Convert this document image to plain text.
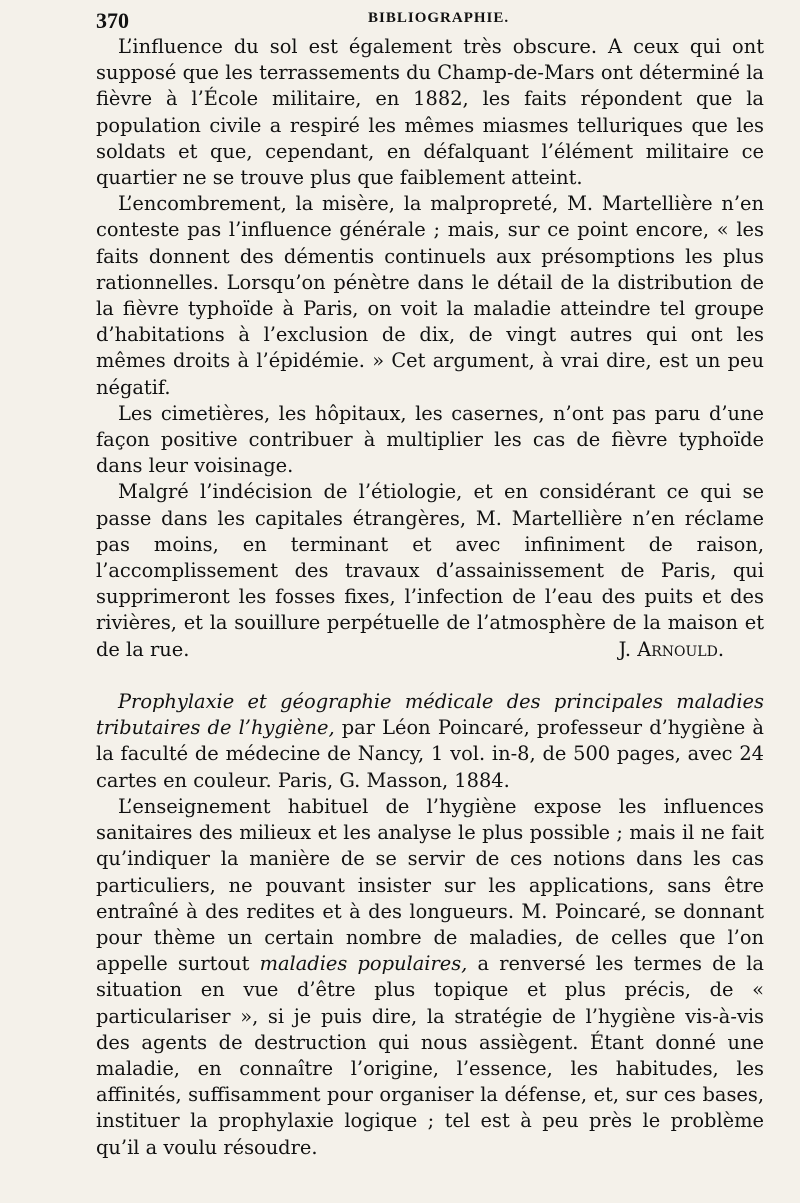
370	BIBLIOGRAPHIE.

L’influence du sol est également très obscure. A ceux qui ont supposé que les terrassements du Champ-de-Mars ont déterminé la fièvre à l’École militaire, en 1882, les faits répondent que la population civile a respiré les mêmes miasmes telluriques que les soldats et que, cependant, en défalquant l’élément militaire ce quartier ne se trouve plus que faiblement atteint.

L’encombrement, la misère, la malpropreté, M. Martellière n’en conteste pas l’influence générale ; mais, sur ce point encore, « les faits donnent des démentis continuels aux présomptions les plus rationnelles. Lorsqu’on pénètre dans le détail de la distribution de la fièvre typhoïde à Paris, on voit la maladie atteindre tel groupe d’habitations à l’exclusion de dix, de vingt autres qui ont les mêmes droits à l’épidémie. » Cet argument, à vrai dire, est un peu négatif.

Les cimetières, les hôpitaux, les casernes, n’ont pas paru d’une façon positive contribuer à multiplier les cas de fièvre typhoïde dans leur voisinage.

Malgré l’indécision de l’étiologie, et en considérant ce qui se passe dans les capitales étrangères, M. Martellière n’en réclame pas moins, en terminant et avec infiniment de raison, l’accomplissement des travaux d’assainissement de Paris, qui supprimeront les fosses fixes, l’infection de l’eau des puits et des rivières, et la souillure perpétuelle de l’atmosphère de la maison et de la rue.	J. Arnould.

Prophylaxie et géographie médicale des principales maladies tributaires de l’hygiène, par Léon Poincaré, professeur d’hygiène à la faculté de médecine de Nancy, 1 vol. in-8, de 500 pages, avec 24 cartes en couleur. Paris, G. Masson, 1884.

L’enseignement habituel de l’hygiène expose les influences sanitaires des milieux et les analyse le plus possible ; mais il ne fait qu’indiquer la manière de se servir de ces notions dans les cas particuliers, ne pouvant insister sur les applications, sans être entraîné à des redites et à des longueurs. M. Poincaré, se donnant pour thème un certain nombre de maladies, de celles que l’on appelle surtout maladies populaires, a renversé les termes de la situation en vue d’être plus topique et plus précis, de « particulariser », si je puis dire, la stratégie de l’hygiène vis-à-vis des agents de destruction qui nous assiègent. Étant donné une maladie, en connaître l’origine, l’essence, les habitudes, les affinités, suffisamment pour organiser la défense, et, sur ces bases, instituer la prophylaxie logique ; tel est à peu près le problème qu’il a voulu résoudre.
